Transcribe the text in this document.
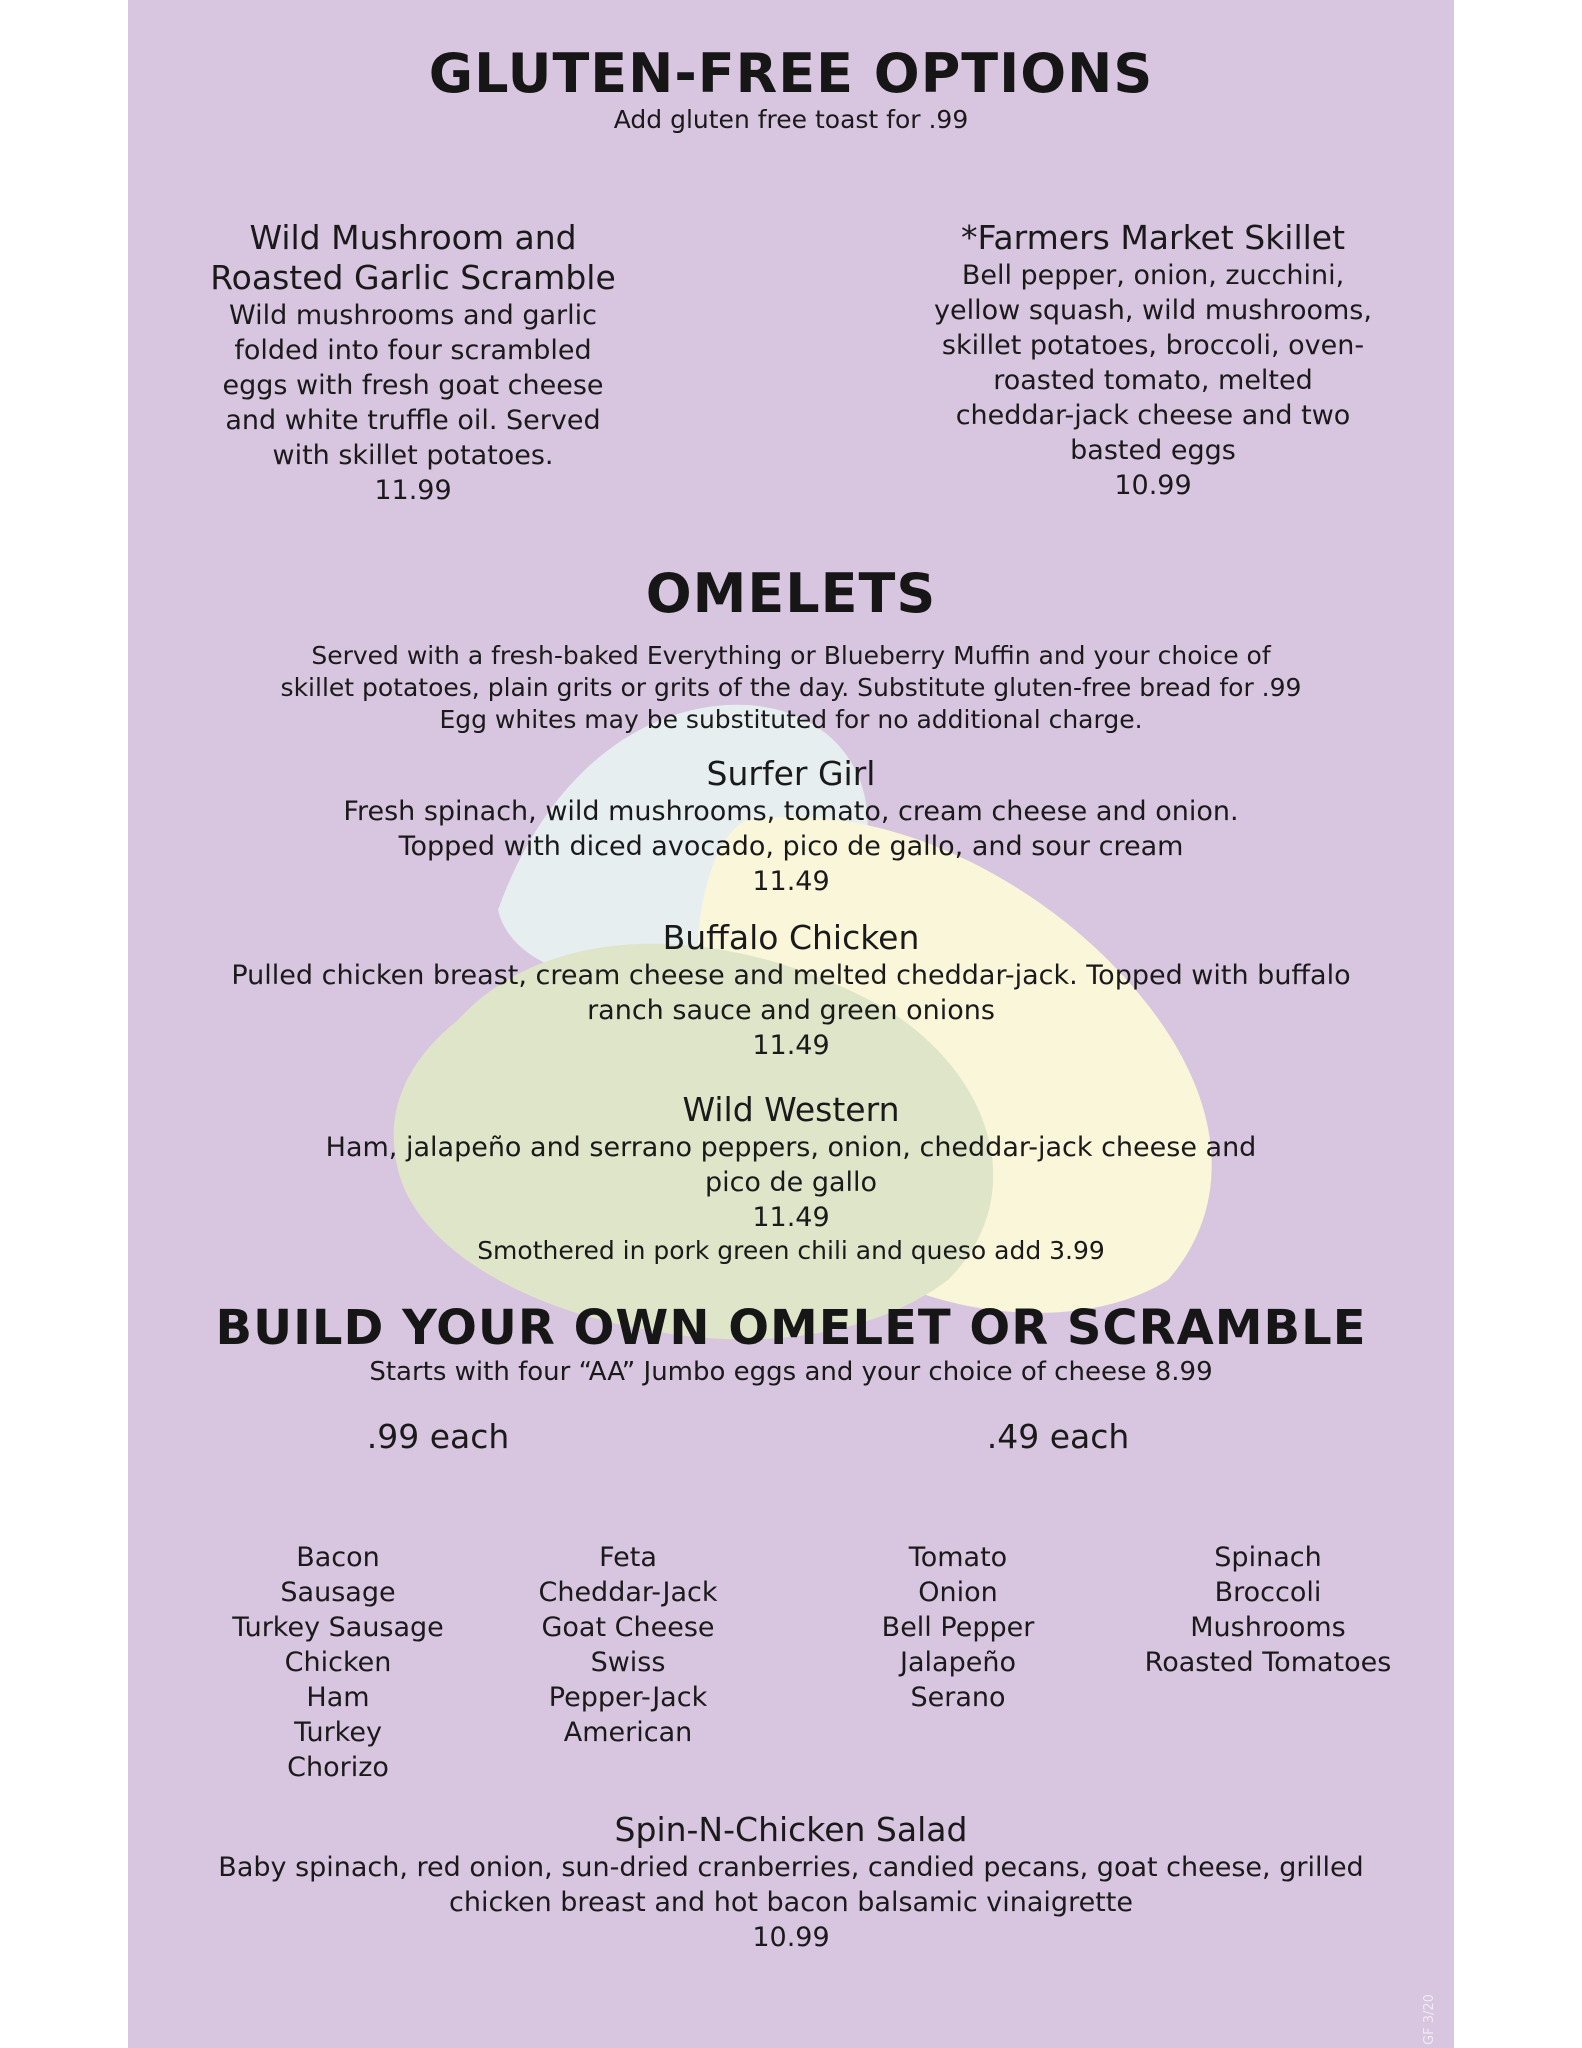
GLUTEN-FREE OPTIONS
Add gluten free toast for .99
Wild Mushroom and Roasted Garlic Scramble
Wild mushrooms and garlic folded into four scrambled eggs with fresh goat cheese and white truffle oil. Served with skillet potatoes.
11.99
*Farmers Market Skillet
Bell pepper, onion, zucchini, yellow squash, wild mushrooms, skillet potatoes, broccoli, oven-roasted tomato, melted cheddar-jack cheese and two basted eggs
10.99
OMELETS
Served with a fresh-baked Everything or Blueberry Muffin and your choice of
skillet potatoes, plain grits or grits of the day. Substitute gluten-free bread for .99
Egg whites may be substituted for no additional charge.
Surfer Girl
Fresh spinach, wild mushrooms, tomato, cream cheese and onion.
Topped with diced avocado, pico de gallo, and sour cream
11.49
Buffalo Chicken
Pulled chicken breast, cream cheese and melted cheddar-jack. Topped with buffalo
ranch sauce and green onions
11.49
Wild Western
Ham, jalapeño and serrano peppers, onion, cheddar-jack cheese and
pico de gallo
11.49
Smothered in pork green chili and queso add 3.99
BUILD YOUR OWN OMELET OR SCRAMBLE
Starts with four “AA” Jumbo eggs and your choice of cheese 8.99
.99 each	.49 each
Bacon
Sausage
Turkey Sausage
Chicken
Ham
Turkey
Chorizo
Feta
Cheddar-Jack
Goat Cheese
Swiss
Pepper-Jack
American
Tomato
Onion
Bell Pepper
Jalapeño
Serano
Spinach
Broccoli
Mushrooms
Roasted Tomatoes
Spin-N-Chicken Salad
Baby spinach, red onion, sun-dried cranberries, candied pecans, goat cheese, grilled
chicken breast and hot bacon balsamic vinaigrette
10.99
GF 3/20
